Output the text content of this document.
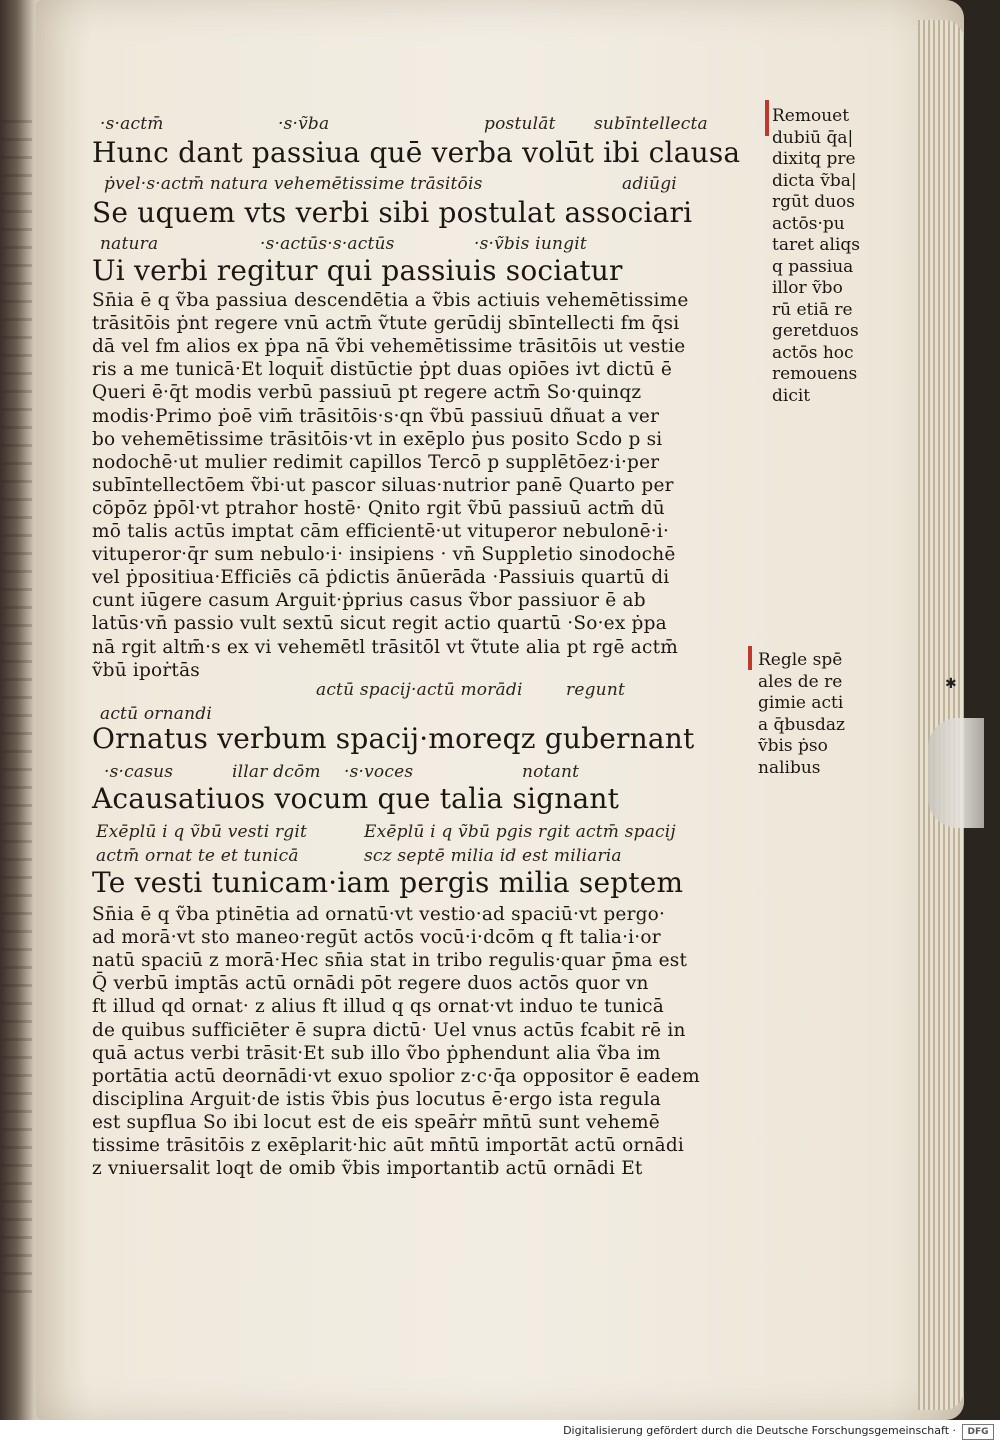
✱
·s·actm̄	·s·ṽba	postulāt subīntellecta
Hunc dant passiua quē verba volūt ibi clausa
ṗvel·s·actm̄ natura vehemētissime trāsitōis	adiūgi
Se uquem vts verbi sibi postulat associari
natura	·s·actūs·s·actūs	·s·ṽbis iungit
Ui verbi regitur qui passiuis sociatur
Sn̄ia ē q ṽba passiua descendētia a ṽbis actiuis vehemētissime
trāsitōis ṗnt regere vnū actm̄ ṽtute gerūdij sbīntellecti fm q̄si
dā vel fm alios ex ṗpa nā ṽbi vehemētissime trāsitōis ut vestie
ris a me tunicā·Et loquit̄ distūctie ṗpt duas opiōes ivt dictū ē
Queri ē·q̄t modis verbū passiuū pt regere actm̄ So·quinqz
modis·Primo ṗoē vim̄ trāsitōis·s·qn ṽbū passiuū dñuat a ver
bo vehemētissime trāsitōis·vt in exēplo ṗus posito Scdo p si
nodochē·ut mulier redimit capillos Tercō p supplētōez·i·per
subīntellectōem ṽbi·ut pascor siluas·nutrior panē Quarto per
cōpōz ṗpōl·vt ptrahor hostē· Qnito rgit ṽbū passiuū actm̄ dū
mō talis actūs imptat cām efficientē·ut vituperor nebulonē·i·
vituperor·q̄r sum nebulo·i· insipiens · vn̄ Suppletio sinodochē
vel ṗpositiua·Efficiēs cā ṗdictis ānūerāda ·Passiuis quartū di
cunt iūgere casum Arguit·ṗprius casus ṽbor passiuor ē ab
latūs·vn̄ passio vult sextū sicut regit actio quartū ·So·ex ṗpa
nā rgit altm̄·s ex vi vehemētl trāsitōl vt ṽtute alia pt rgē actm̄
ṽbū ipoṙtās
actū spacij·actū morādi	regunt
actū ornandi
Ornatus verbum spacij·moreqz gubernant
·s·casus	illar dcōm ·s·voces	notant
Acausatiuos vocum que talia signant
Exēplū i q ṽbū vesti rgit	Exēplū i q ṽbū pgis rgit actm̄ spacij
actm̄ ornat te et tunicā	scz septē milia id est miliaria
Te vesti tunicam·iam pergis milia septem
Sn̄ia ē q ṽba ptinētia ad ornatū·vt vestio·ad spaciū·vt pergo·
ad morā·vt sto maneo·regūt actōs vocū·i·dcōm q ft talia·i·or
natū spaciū z morā·Hec sn̄ia stat in tribo regulis·quar p̄ma est
Q̄ verbū imptās actū ornādi pōt regere duos actōs quor vn
ft illud qd ornat· z alius ft illud q qs ornat·vt induo te tunicā
de quibus sufficiēter ē supra dictū· Uel vnus actūs fcabit rē in
quā actus verbi trāsit·Et sub illo ṽbo ṗphendunt alia ṽba im
portātia actū deornādi·vt exuo spolior z·c·q̄a oppositor ē eadem
disciplina Arguit·de istis ṽbis ṗus locutus ē·ergo ista regula
est supflua So ibi locut est de eis speāṙr mn̄tū sunt vehemē
tissime trāsitōis z exēplarit·hic aūt mn̄tū importāt actū ornādi
z vniuersalit loqt de omib ṽbis importantib actū ornādi Et
Remouet
dubiū q̄a|
dixitq pre
dicta ṽba|
rgūt duos
actōs·pu
taret aliqs
q passiua
illor ṽbo
rū etiā re
geretduos
actōs hoc
remouens
dicit
Regle spē
ales de re
gimie acti
a q̄busdaz
ṽbis ṗso
nalibus
Digitalisierung gefördert durch die Deutsche Forschungsgemeinschaft ·	DFG
